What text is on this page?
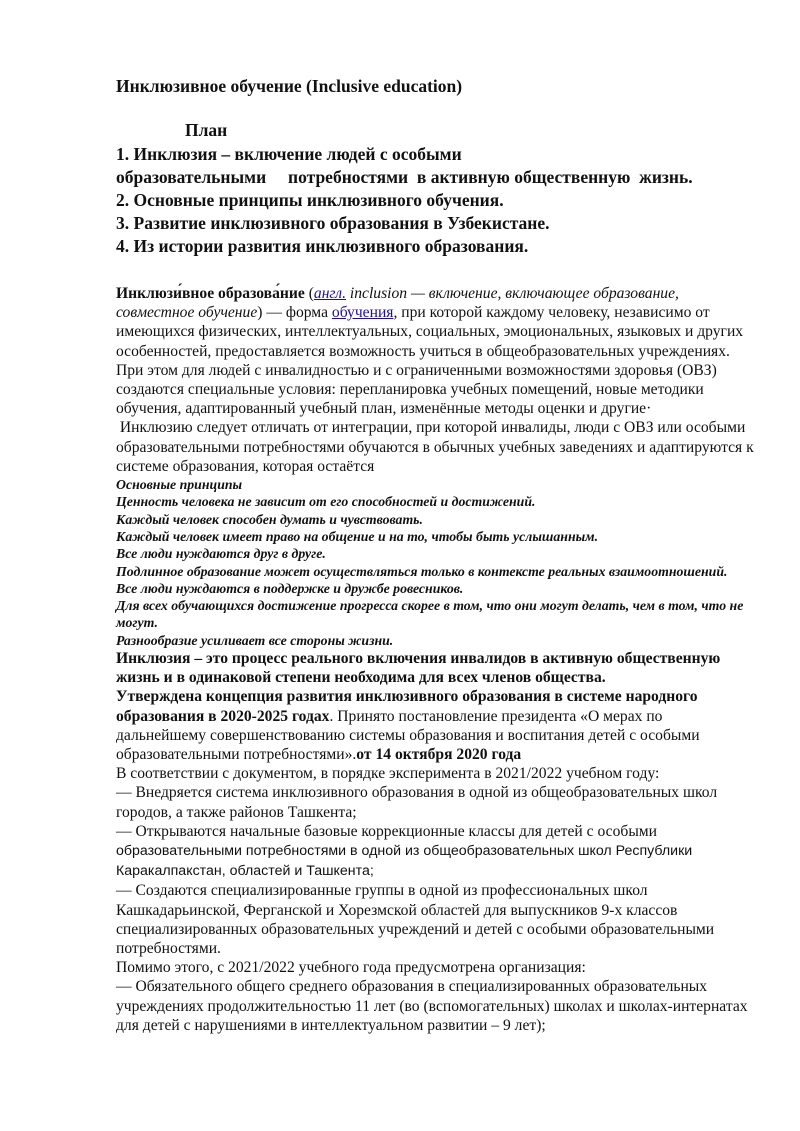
Инклюзивное обучение (Inclusive education)
План
1. Инклюзия – включение людей с особыми
образовательными     потребностями  в активную общественную  жизнь.
2. Основные принципы инклюзивного обучения.
3. Развитие инклюзивного образования в Узбекистане.
4. Из истории развития инклюзивного образования.

Инклюзи́вное образова́ние (англ. inclusion — включение, включающее образование, совместное обучение) — форма обучения, при которой каждому человеку, независимо от имеющихся физических, интеллектуальных, социальных, эмоциональных, языковых и других особенностей, предоставляется возможность учиться в общеобразовательных учреждениях.

При этом для людей с инвалидностью и с ограниченными возможностями здоровья (ОВЗ) создаются специальные условия: перепланировка учебных помещений, новые методики обучения, адаптированный учебный план, изменённые методы оценки и другие·

Инклюзию следует отличать от интеграции, при которой инвалиды, люди с ОВЗ или особыми образовательными потребностями обучаются в обычных учебных заведениях и адаптируются к системе образования, которая остаётся

Основные принципы

Ценность человека не зависит от его способностей и достижений.

Каждый человек способен думать и чувствовать.

Каждый человек имеет право на общение и на то, чтобы быть услышанным.

Все люди нуждаются друг в друге.

Подлинное образование может осуществляться только в контексте реальных взаимоотношений.

Все люди нуждаются в поддержке и дружбе ровесников.

Для всех обучающихся достижение прогресса скорее в том, что они могут делать, чем в том, что не могут.

Разнообразие усиливает все стороны жизни.

Инклюзия – это процесс реального включения инвалидов в активную общественную жизнь и в одинаковой степени необходима для всех членов общества.

Утверждена концепция развития инклюзивного образования в системе народного образования в 2020-2025 годах. Принято постановление президента «О мерах по дальнейшему совершенствованию системы образования и воспитания детей с особыми образовательными потребностями».от 14 октября 2020 года

В соответствии с документом, в порядке эксперимента в 2021/2022 учебном году:

— Внедряется система инклюзивного образования в одной из общеобразовательных школ городов, а также районов Ташкента;

— Открываются начальные базовые коррекционные классы для детей с особыми образовательными потребностями в одной из общеобразовательных школ Республики Каракалпакстан, областей и Ташкента;

— Создаются специализированные группы в одной из профессиональных школ Кашкадарьинской, Ферганской и Хорезмской областей для выпускников 9-х классов специализированных образовательных учреждений и детей с особыми образовательными потребностями.

Помимо этого, с 2021/2022 учебного года предусмотрена организация:

— Обязательного общего среднего образования в специализированных образовательных учреждениях продолжительностью 11 лет (во (вспомогательных) школах и школах-интернатах для детей с нарушениями в интеллектуальном развитии – 9 лет);
